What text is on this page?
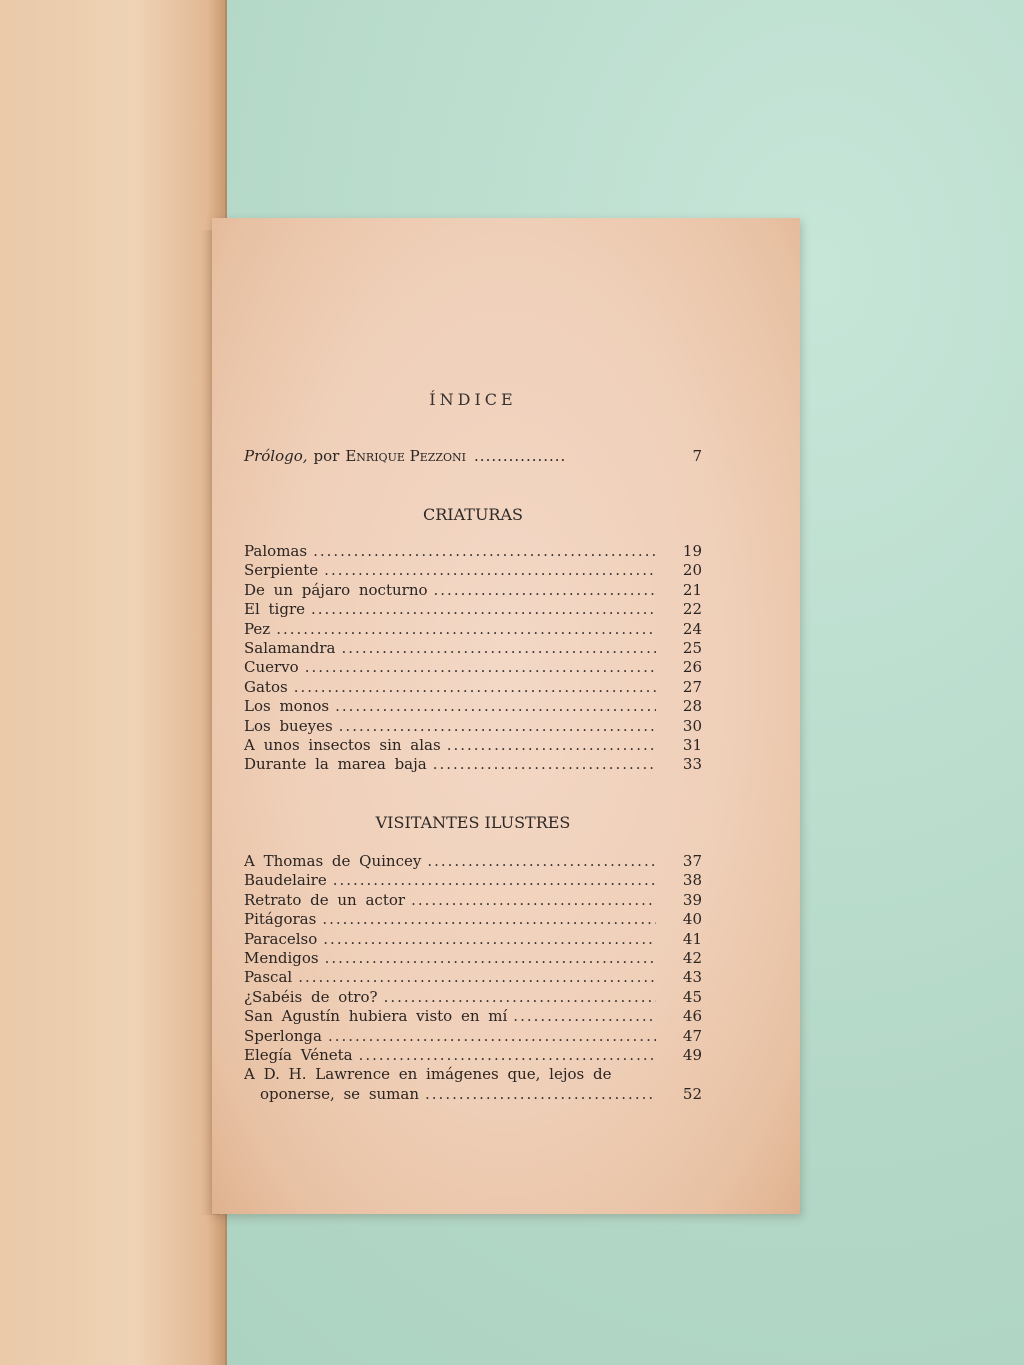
ÍNDICE
Prólogo, por Enrique Pezzoni ................	7
CRIATURAS
Palomas .....	19
Serpiente .....	20
De un pájaro nocturno .....	21
El tigre .....	22
Pez .....	24
Salamandra .....	25
Cuervo .....	26
Gatos .....	27
Los monos .....	28
Los bueyes .....	30
A unos insectos sin alas .....	31
Durante la marea baja .....	33
VISITANTES ILUSTRES
A Thomas de Quincey .....	37
Baudelaire .....	38
Retrato de un actor .....	39
Pitágoras .....	40
Paracelso .....	41
Mendigos .....	42
Pascal .....	43
¿Sabéis de otro? .....	45
San Agustín hubiera visto en mí .....	46
Sperlonga .....	47
Elegía Véneta .....	49
A D. H. Lawrence en imágenes que, lejos de
oponerse, se suman .....	52
